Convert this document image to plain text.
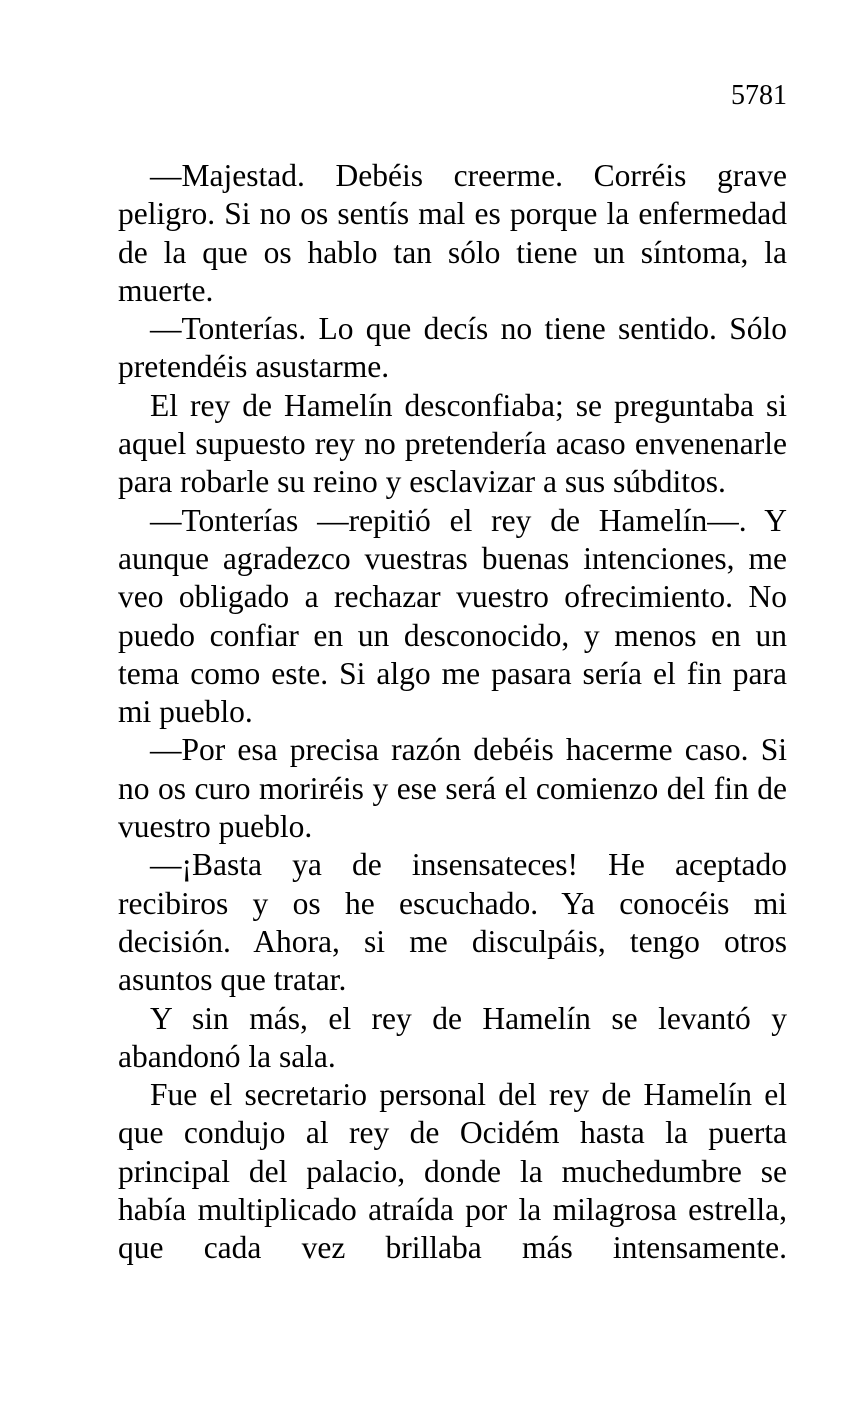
5781

—Majestad. Debéis creerme. Corréis grave peligro. Si no os sentís mal es porque la enfermedad de la que os hablo tan sólo tiene un síntoma, la muerte.

—Tonterías. Lo que decís no tiene sentido. Sólo pretendéis asustarme.

El rey de Hamelín desconfiaba; se preguntaba si aquel supuesto rey no pretendería acaso envenenarle para robarle su reino y esclavizar a sus súbditos.

—Tonterías —repitió el rey de Hamelín—. Y aunque agradezco vuestras buenas intenciones, me veo obligado a rechazar vuestro ofrecimiento. No puedo confiar en un desconocido, y menos en un tema como este. Si algo me pasara sería el fin para mi pueblo.

—Por esa precisa razón debéis hacerme caso. Si no os curo moriréis y ese será el comienzo del fin de vuestro pueblo.

—¡Basta ya de insensateces! He aceptado recibiros y os he escuchado. Ya conocéis mi decisión. Ahora, si me disculpáis, tengo otros asuntos que tratar.

Y sin más, el rey de Hamelín se levantó y abandonó la sala.

Fue el secretario personal del rey de Hamelín el que condujo al rey de Ocidém hasta la puerta principal del palacio, donde la muchedumbre se había multiplicado atraída por la milagrosa estrella, que cada vez brillaba más intensamente.
